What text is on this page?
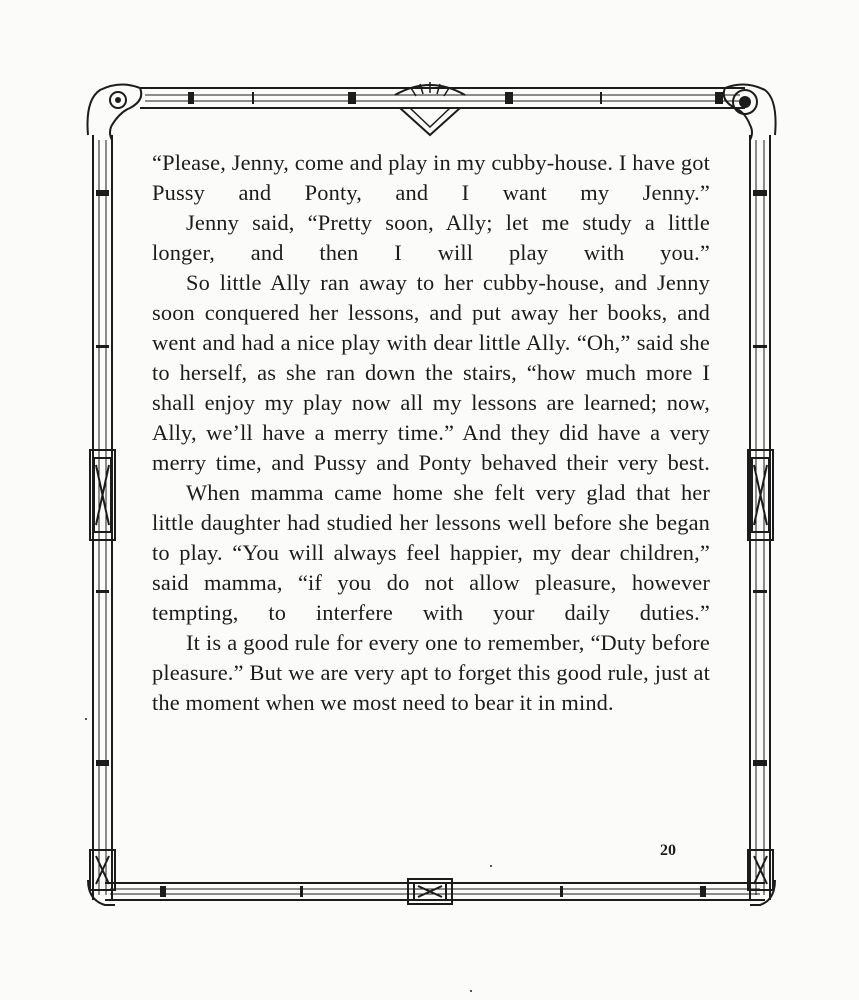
“Please, Jenny, come and play in my cubby-house. I have got Pussy and Ponty, and I want my Jenny.”

Jenny said, “Pretty soon, Ally; let me study a little longer, and then I will play with you.”

So little Ally ran away to her cubby-house, and Jenny soon conquered her lessons, and put away her books, and went and had a nice play with dear little Ally. “Oh,” said she to herself, as she ran down the stairs, “how much more I shall enjoy my play now all my lessons are learned; now, Ally, we’ll have a merry time.” And they did have a very merry time, and Pussy and Ponty behaved their very best.

When mamma came home she felt very glad that her little daughter had studied her lessons well before she began to play. “You will always feel happier, my dear children,” said mamma, “if you do not allow pleasure, however tempting, to interfere with your daily duties.”

It is a good rule for every one to remember, “Duty before pleasure.” But we are very apt to forget this good rule, just at the moment when we most need to bear it in mind.

20
